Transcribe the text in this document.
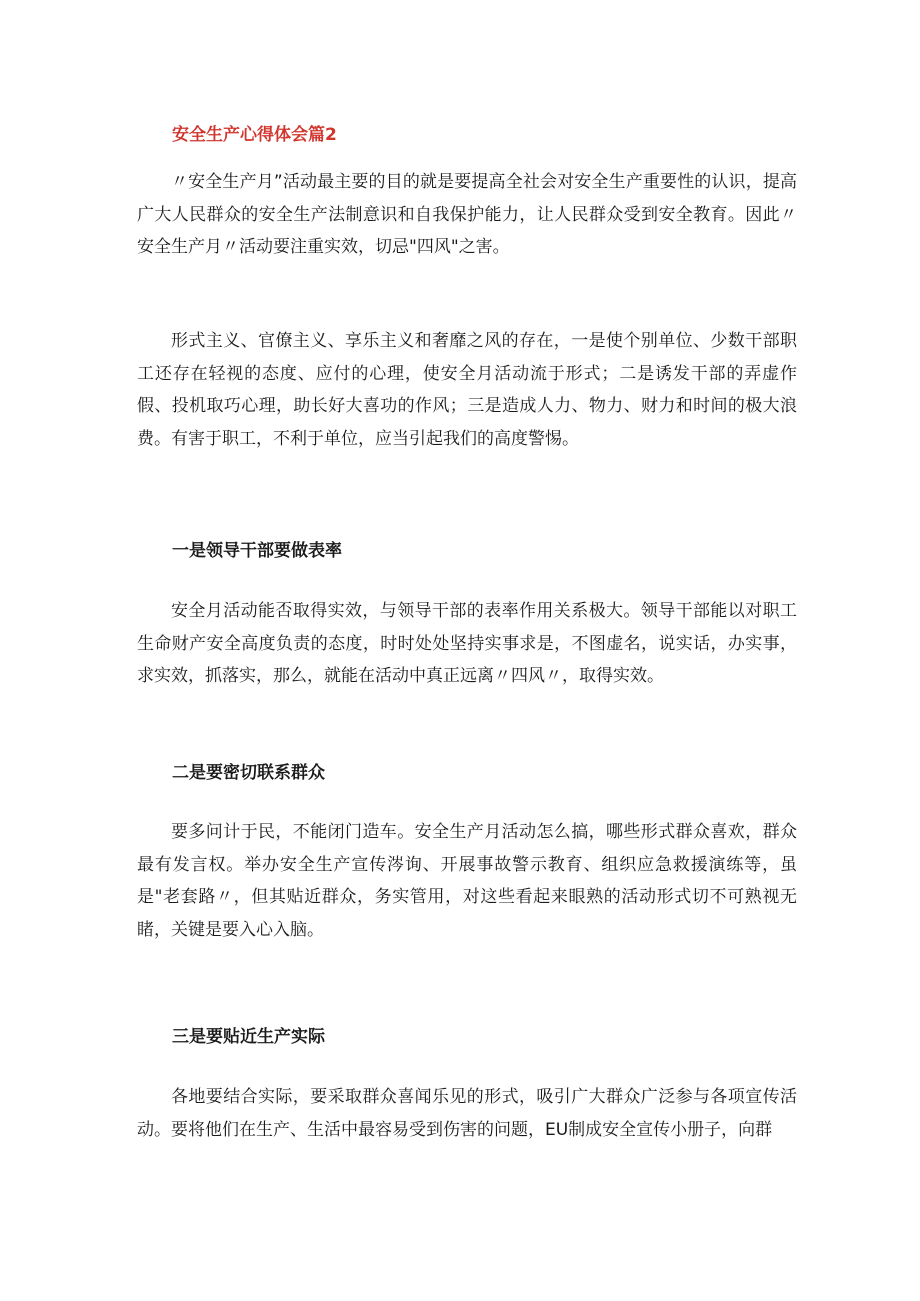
安全生产心得体会篇2

〃安全生产月”活动最主要的目的就是要提高全社会对安全生产重要性的认识，提高广大人民群众的安全生产法制意识和自我保护能力，让人民群众受到安全教育。因此〃安全生产月〃活动要注重实效，切忌"四风"之害。

形式主义、官僚主义、享乐主义和奢靡之风的存在，一是使个别单位、少数干部职工还存在轻视的态度、应付的心理，使安全月活动流于形式；二是诱发干部的弄虚作假、投机取巧心理，助长好大喜功的作风；三是造成人力、物力、财力和时间的极大浪费。有害于职工，不利于单位，应当引起我们的高度警惕。

一是领导干部要做表率

安全月活动能否取得实效，与领导干部的表率作用关系极大。领导干部能以对职工生命财产安全高度负责的态度，时时处处坚持实事求是，不图虚名，说实话，办实事，求实效，抓落实，那么，就能在活动中真正远离〃四风〃，取得实效。

二是要密切联系群众

要多问计于民，不能闭门造车。安全生产月活动怎么搞，哪些形式群众喜欢，群众最有发言权。举办安全生产宣传涔询、开展事故警示教育、组织应急救援演练等，虽是"老套路〃，但其贴近群众，务实管用，对这些看起来眼熟的活动形式切不可熟视无睹，关键是要入心入脑。

三是要贴近生产实际

各地要结合实际，要采取群众喜闻乐见的形式，吸引广大群众广泛参与各项宣传活动。要将他们在生产、生活中最容易受到伤害的问题，EU制成安全宣传小册子，向群
